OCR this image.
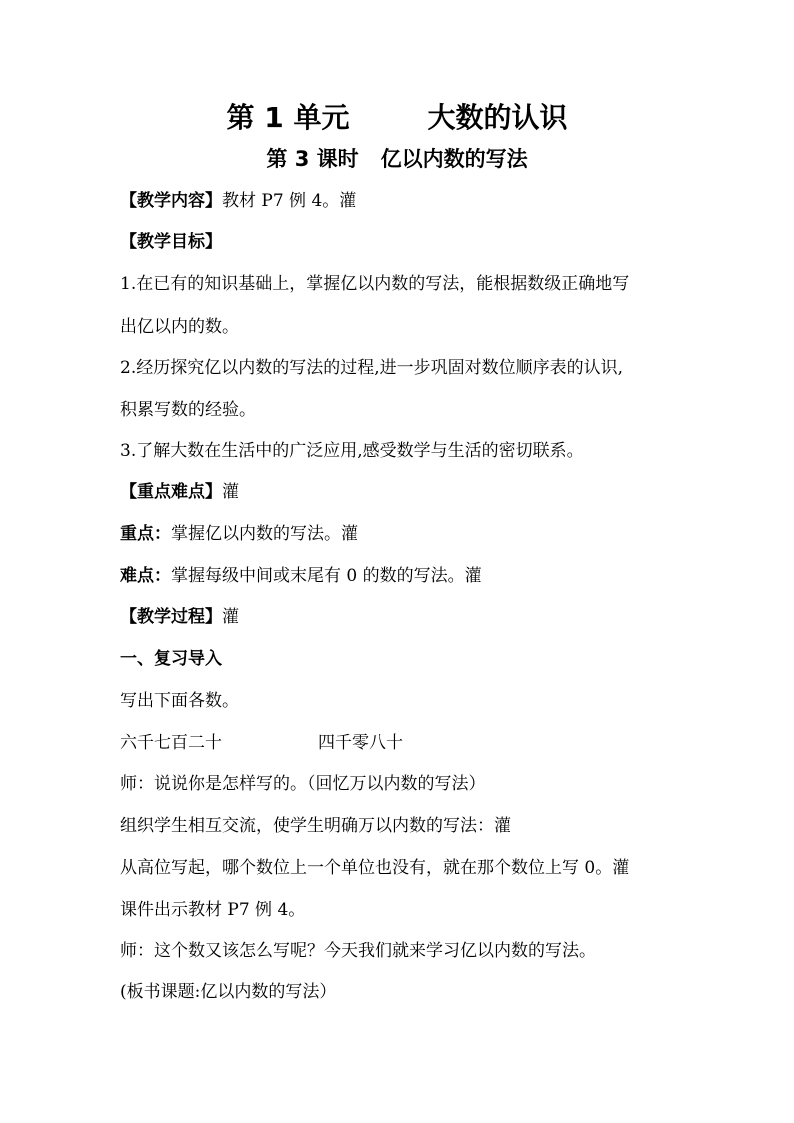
第 1 单元        大数的认识
第 3 课时   亿以内数的写法
【教学内容】教材 P7 例 4。灌
【教学目标】
1.在已有的知识基础上，掌握亿以内数的写法，能根据数级正确地写
出亿以内的数。
2.经历探究亿以内数的写法的过程,进一步巩固对数位顺序表的认识,
积累写数的经验。
3.了解大数在生活中的广泛应用,感受数学与生活的密切联系。
【重点难点】灌
重点：掌握亿以内数的写法。灌
难点：掌握每级中间或末尾有 0 的数的写法。灌
【教学过程】灌
一、复习导入
写出下面各数。
六千七百二十	四千零八十
师：说说你是怎样写的。（回忆万以内数的写法）
组织学生相互交流，使学生明确万以内数的写法：灌
从高位写起，哪个数位上一个单位也没有，就在那个数位上写 0。灌
课件出示教材 P7 例 4。
师：这个数又该怎么写呢？今天我们就来学习亿以内数的写法。
(板书课题:亿以内数的写法）
